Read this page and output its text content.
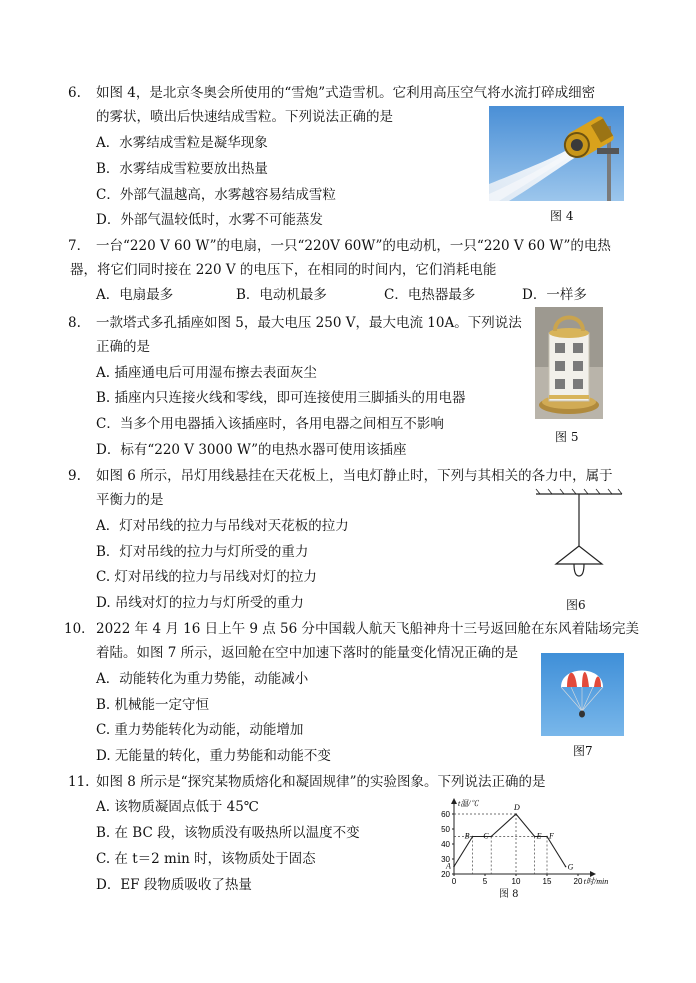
6. 如图 4，是北京冬奥会所使用的“雪炮”式造雪机。它利用高压空气将水流打碎成细密
的雾状，喷出后快速结成雪粒。下列说法正确的是
A．水雾结成雪粒是凝华现象
B．水雾结成雪粒要放出热量
C．外部气温越高，水雾越容易结成雪粒
D．外部气温较低时，水雾不可能蒸发	图 4
7． 一台“220 V 60 W”的电扇，一只“220V 60W”的电动机，一只“220 V 60 W”的电热
器，将它们同时接在 220 V 的电压下，在相同的时间内，它们消耗电能
A．电扇最多	B．电动机最多	C．电热器最多	D．一样多
8. 一款塔式多孔插座如图 5，最大电压 250 V，最大电流 10A。下列说法
正确的是
A. 插座通电后可用湿布擦去表面灰尘
B. 插座内只连接火线和零线，即可连接使用三脚插头的用电器
C．当多个用电器插入该插座时，各用电器之间相互不影响
D．标有“220 V 3000 W”的电热水器可使用该插座
图 5
9. 如图 6 所示，吊灯用线悬挂在天花板上，当电灯静止时，下列与其相关的各力中，属于
平衡力的是
A．灯对吊线的拉力与吊线对天花板的拉力
B．灯对吊线的拉力与灯所受的重力
C. 灯对吊线的拉力与吊线对灯的拉力
D. 吊线对灯的拉力与灯所受的重力	图6
10． 2022 年 4 月 16 日上午 9 点 56 分中国载人航天飞船神舟十三号返回舱在东风着陆场完美
着陆。如图 7 所示，返回舱在空中加速下落时的能量变化情况正确的是
A．动能转化为重力势能，动能减小
B. 机械能一定守恒
C. 重力势能转化为动能，动能增加
D. 无能量的转化，重力势能和动能不变	图7
11. 如图 8 所示是“探究某物质熔化和凝固规律”的实验图象。下列说法正确的是
A. 该物质凝固点低于 45℃
B. 在 BC 段，该物质没有吸热所以温度不变
C. 在 t＝2 min 时，该物质处于固态
D．EF 段物质吸收了热量
20
30
40
50
60
0	5	10	15	20
t温/℃
t时/min
A
B C
D
E F
G
图 8
